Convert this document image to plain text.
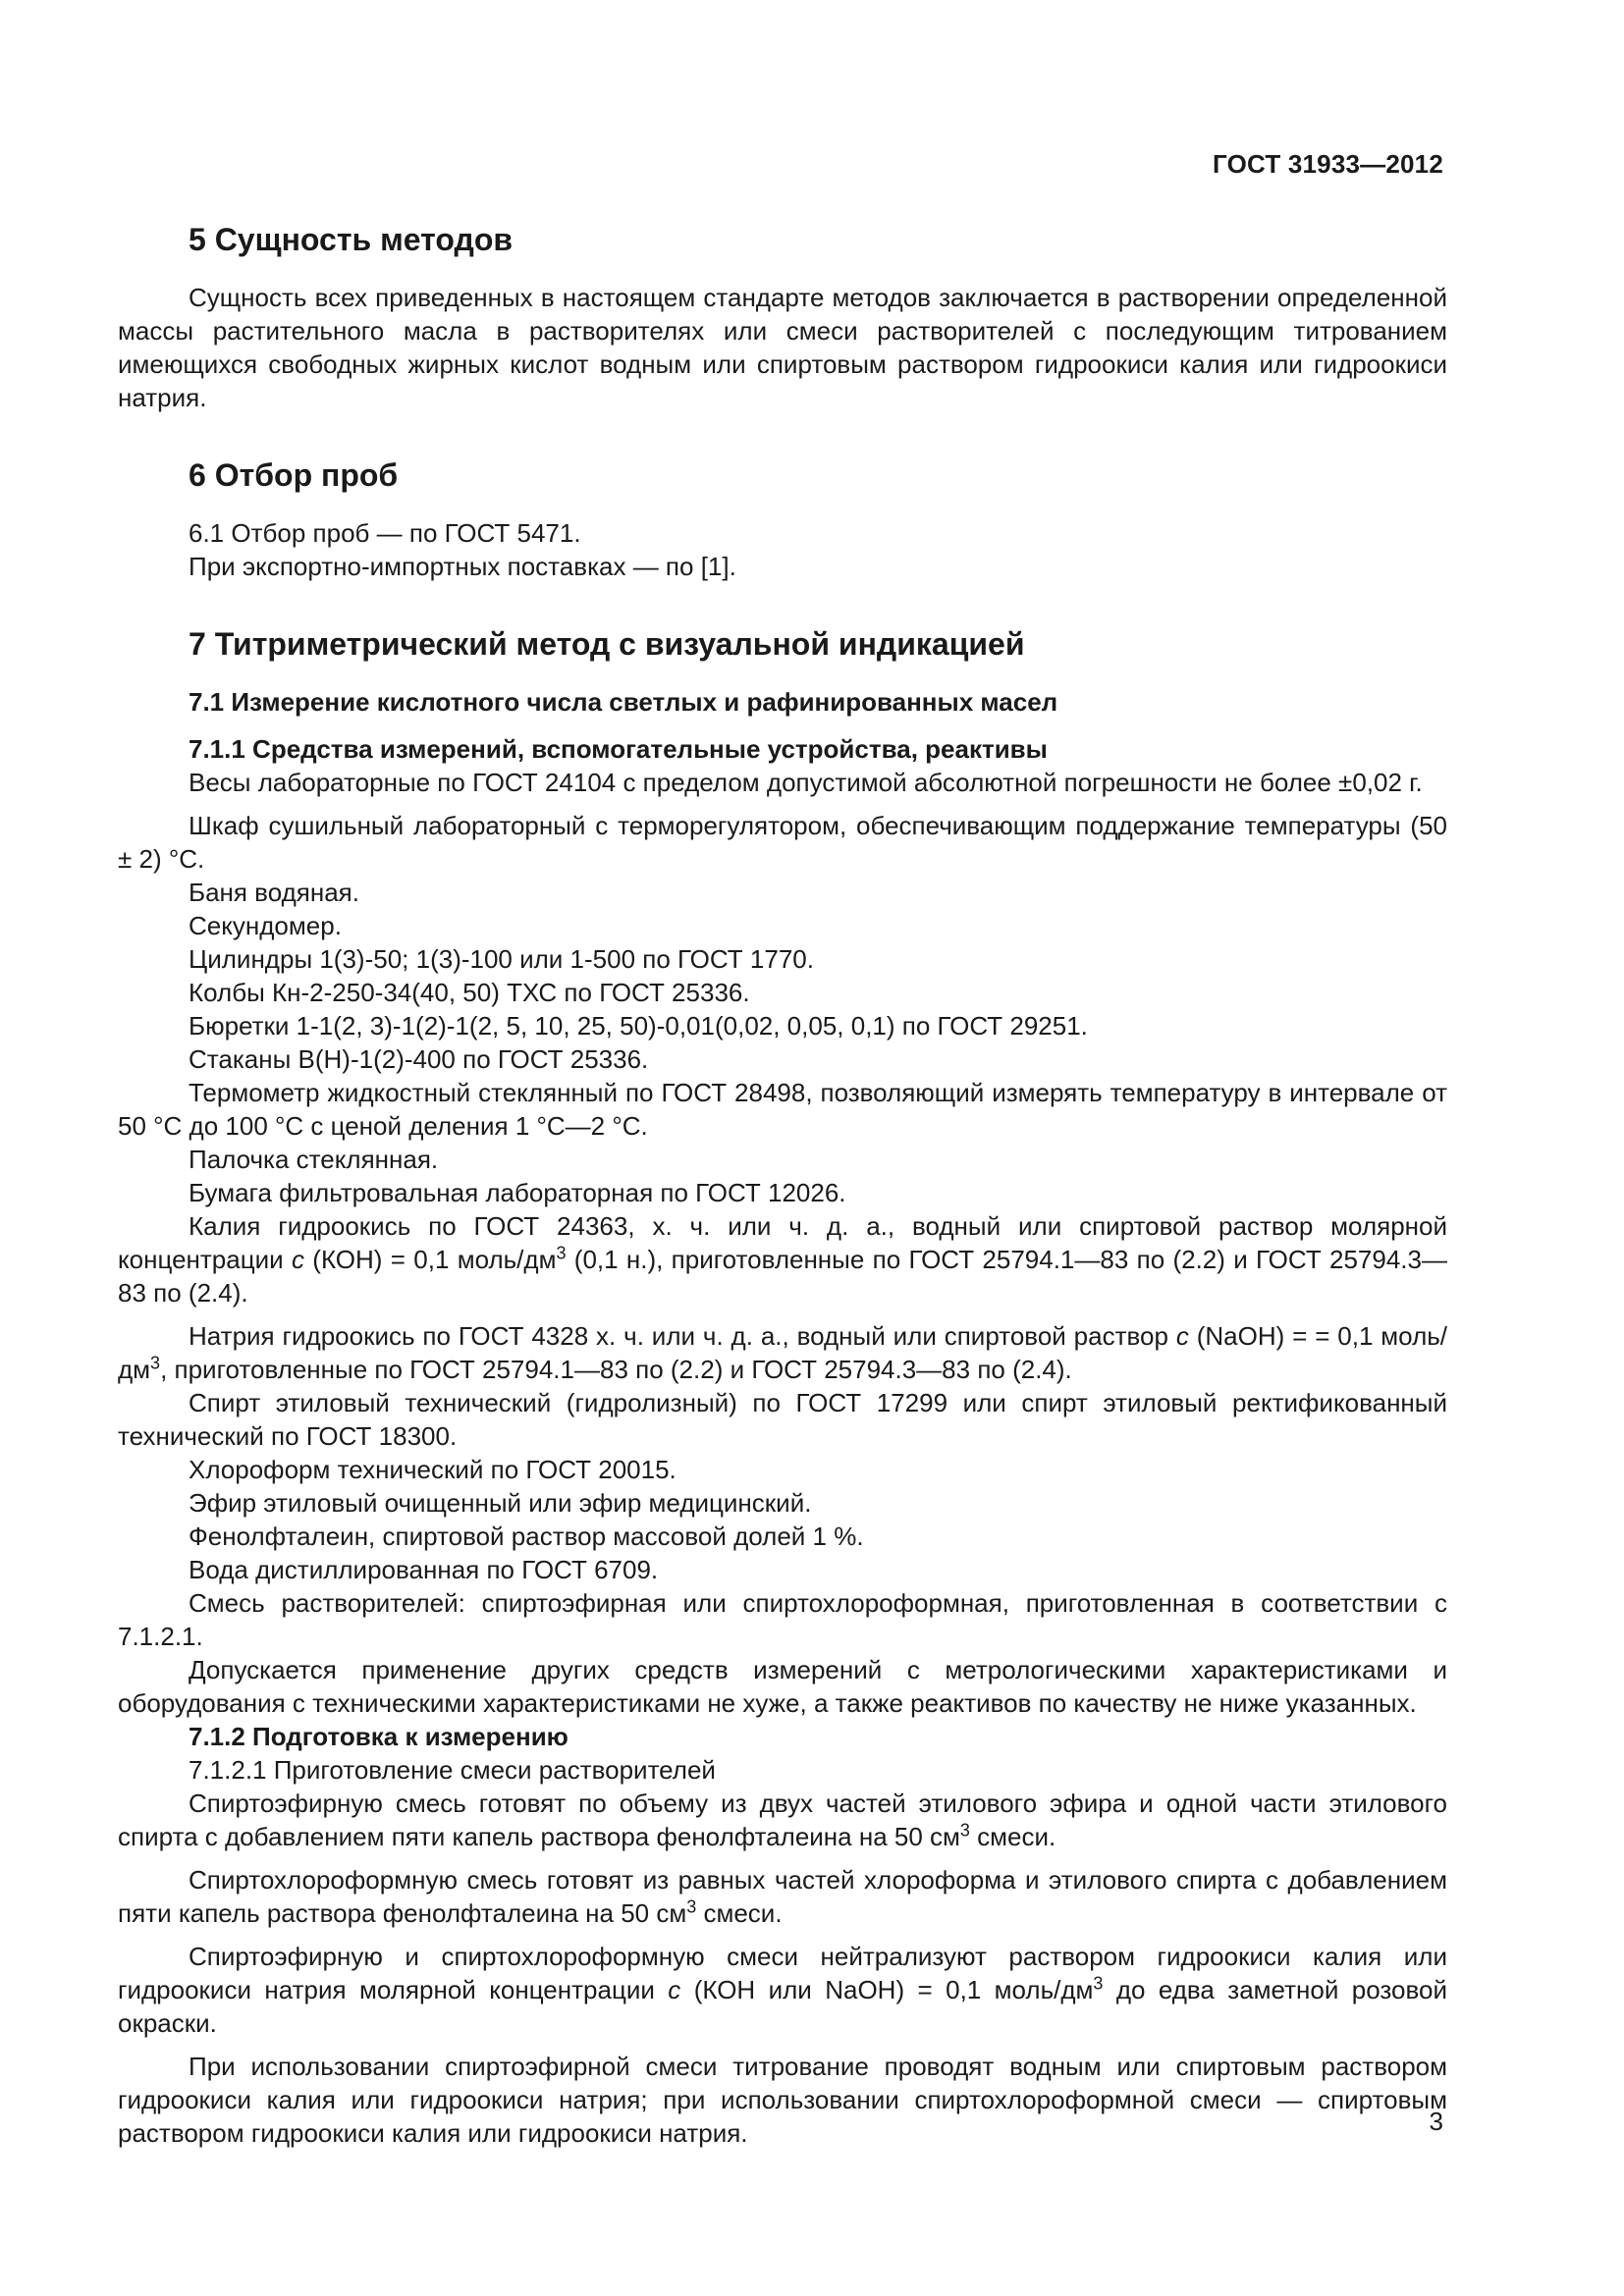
ГОСТ 31933—2012
5 Сущность методов

Сущность всех приведенных в настоящем стандарте методов заключается в растворении определенной массы растительного масла в растворителях или смеси растворителей с последующим титрованием имеющихся свободных жирных кислот водным или спиртовым раствором гидроокиси калия или гидроокиси натрия.

6 Отбор проб

6.1 Отбор проб — по ГОСТ 5471.

При экспортно-импортных поставках — по [1].

7 Титриметрический метод с визуальной индикацией

7.1 Измерение кислотного числа светлых и рафинированных масел

7.1.1 Средства измерений, вспомогательные устройства, реактивы

Весы лабораторные по ГОСТ 24104 с пределом допустимой абсолютной погрешности не более ±0,02 г.

Шкаф сушильный лабораторный с терморегулятором, обеспечивающим поддержание температуры (50 ± 2) °С.

Баня водяная.

Секундомер.

Цилиндры 1(3)-50; 1(3)-100 или 1-500 по ГОСТ 1770.

Колбы Кн-2-250-34(40, 50) ТХС по ГОСТ 25336.

Бюретки 1-1(2, 3)-1(2)-1(2, 5, 10, 25, 50)-0,01(0,02, 0,05, 0,1) по ГОСТ 29251.

Стаканы В(Н)-1(2)-400 по ГОСТ 25336.

Термометр жидкостный стеклянный по ГОСТ 28498, позволяющий измерять температуру в интервале от 50 °С до 100 °С с ценой деления 1 °С—2 °С.

Палочка стеклянная.

Бумага фильтровальная лабораторная по ГОСТ 12026.

Калия гидроокись по ГОСТ 24363, х. ч. или ч. д. а., водный или спиртовой раствор молярной концентрации с (КОН) = 0,1 моль/$дм^3$ (0,1 н.), приготовленные по ГОСТ 25794.1—83 по (2.2) и ГОСТ 25794.3—83 по (2.4).

Натрия гидроокись по ГОСТ 4328 х. ч. или ч. д. а., водный или спиртовой раствор с (NaOH) = = 0,1 моль/$дм^3$, приготовленные по ГОСТ 25794.1—83 по (2.2) и ГОСТ 25794.3—83 по (2.4).

Спирт этиловый технический (гидролизный) по ГОСТ 17299 или спирт этиловый ректификованный технический по ГОСТ 18300.

Хлороформ технический по ГОСТ 20015.

Эфир этиловый очищенный или эфир медицинский.

Фенолфталеин, спиртовой раствор массовой долей 1 %.

Вода дистиллированная по ГОСТ 6709.

Смесь растворителей: спиртоэфирная или спиртохлороформная, приготовленная в соответствии с 7.1.2.1.

Допускается применение других средств измерений с метрологическими характеристиками и оборудования с техническими характеристиками не хуже, а также реактивов по качеству не ниже указанных.

7.1.2 Подготовка к измерению

7.1.2.1 Приготовление смеси растворителей

Спиртоэфирную смесь готовят по объему из двух частей этилового эфира и одной части этилового спирта с добавлением пяти капель раствора фенолфталеина на 50 $см^3$ смеси.

Спиртохлороформную смесь готовят из равных частей хлороформа и этилового спирта с добавлением пяти капель раствора фенолфталеина на 50 $см^3$ смеси.

Спиртоэфирную и спиртохлороформную смеси нейтрализуют раствором гидроокиси калия или гидроокиси натрия молярной концентрации с (КОН или NaOH) = 0,1 моль/$дм^3$ до едва заметной розовой окраски.

При использовании спиртоэфирной смеси титрование проводят водным или спиртовым раствором гидроокиси калия или гидроокиси натрия; при использовании спиртохлороформной смеси — спиртовым раствором гидроокиси калия или гидроокиси натрия.	3
